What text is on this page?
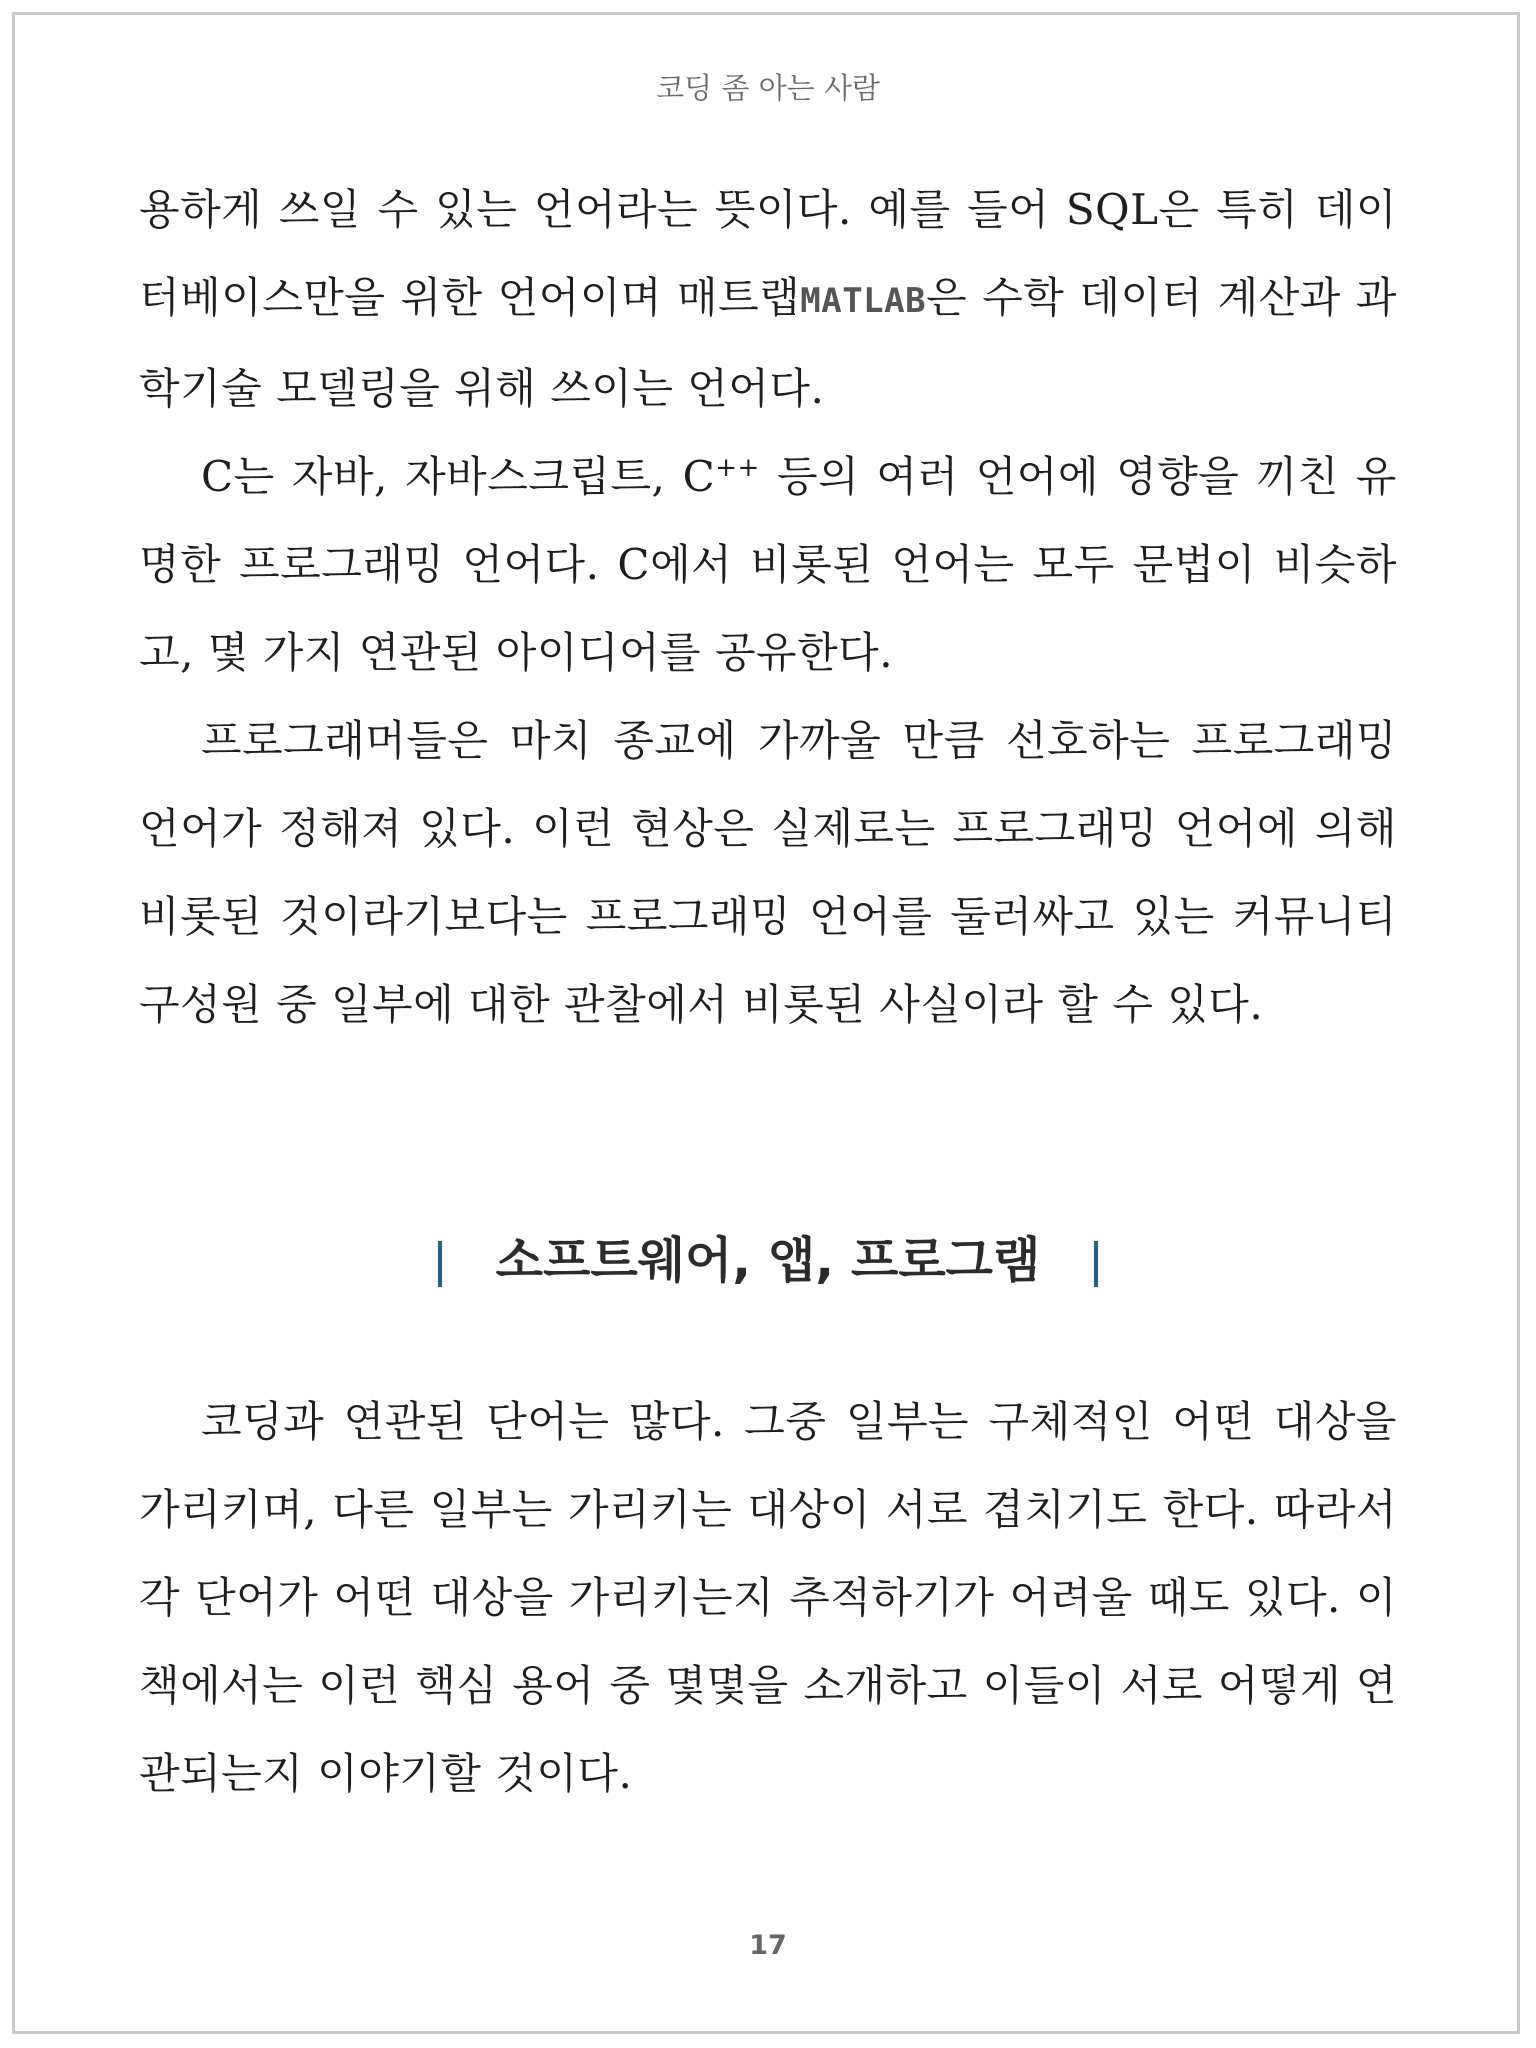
코딩 좀 아는 사람

용하게 쓰일 수 있는 언어라는 뜻이다. 예를 들어 SQL은 특히 데이
터베이스만을 위한 언어이며 매트랩MATLAB은 수학 데이터 계산과 과
학기술 모델링을 위해 쓰이는 언어다.

C는 자바, 자바스크립트, C++ 등의 여러 언어에 영향을 끼친 유
명한 프로그래밍 언어다. C에서 비롯된 언어는 모두 문법이 비슷하
고, 몇 가지 연관된 아이디어를 공유한다.

프로그래머들은 마치 종교에 가까울 만큼 선호하는 프로그래밍
언어가 정해져 있다. 이런 현상은 실제로는 프로그래밍 언어에 의해
비롯된 것이라기보다는 프로그래밍 언어를 둘러싸고 있는 커뮤니티
구성원 중 일부에 대한 관찰에서 비롯된 사실이라 할 수 있다.

소프트웨어, 앱, 프로그램

코딩과 연관된 단어는 많다. 그중 일부는 구체적인 어떤 대상을
가리키며, 다른 일부는 가리키는 대상이 서로 겹치기도 한다. 따라서
각 단어가 어떤 대상을 가리키는지 추적하기가 어려울 때도 있다. 이
책에서는 이런 핵심 용어 중 몇몇을 소개하고 이들이 서로 어떻게 연
관되는지 이야기할 것이다.

17
